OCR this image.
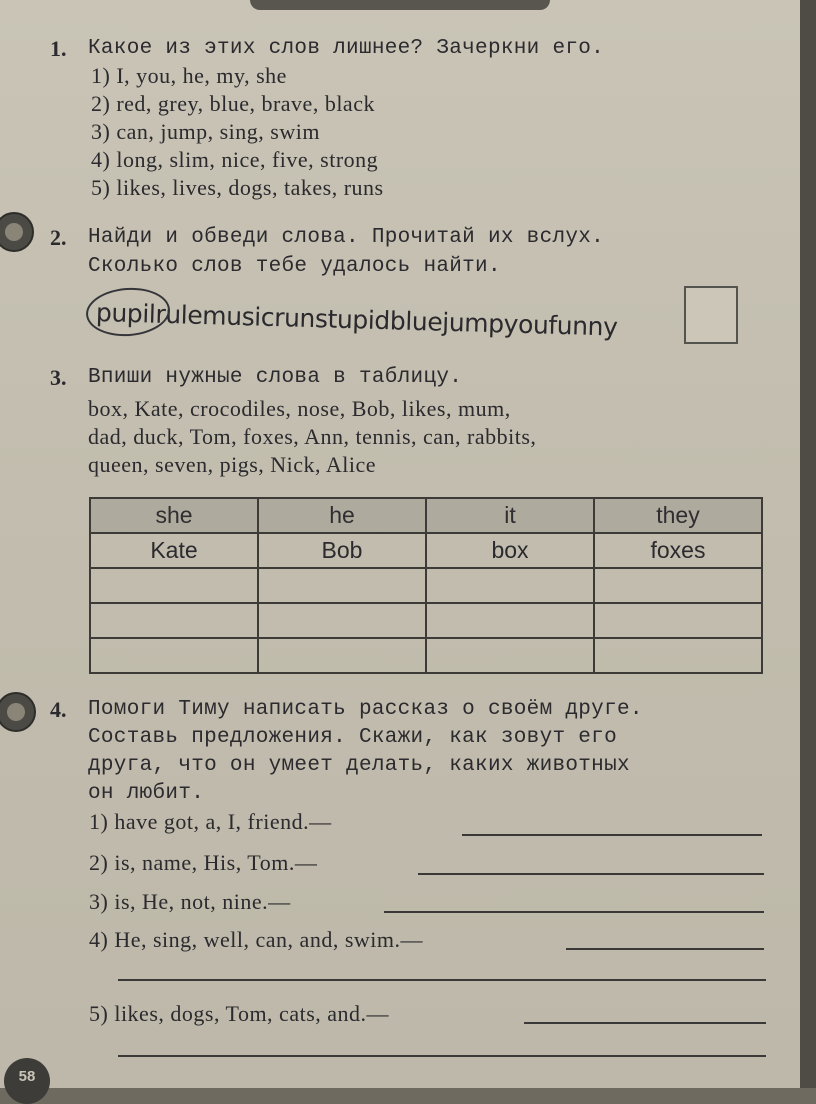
1. Какое из этих слов лишнее? Зачеркни его.
1) I, you, he, my, she
2) red, grey, blue, brave, black
3) can, jump, sing, swim
4) long, slim, nice, five, strong
5) likes, lives, dogs, takes, runs
2. Найди и обведи слова. Прочитай их вслух.
Сколько слов тебе удалось найти.
pupilrulemusicrunstupidbluejumpyoufunny
3. Впиши нужные слова в таблицу.
box, Kate, crocodiles, nose, Bob, likes, mum,
dad, duck, Tom, foxes, Ann, tennis, can, rabbits,
queen, seven, pigs, Nick, Alice
she	he	it	they
Kate	Bob	box	foxes

4. Помоги Тиму написать рассказ о своём друге.
Составь предложения. Скажи, как зовут его
друга, что он умеет делать, каких животных
он любит.
1) have got, a, I, friend.—
2) is, name, His, Tom.—
3) is, He, not, nine.—
4) He, sing, well, can, and, swim.—
5) likes, dogs, Tom, cats, and.—
58
